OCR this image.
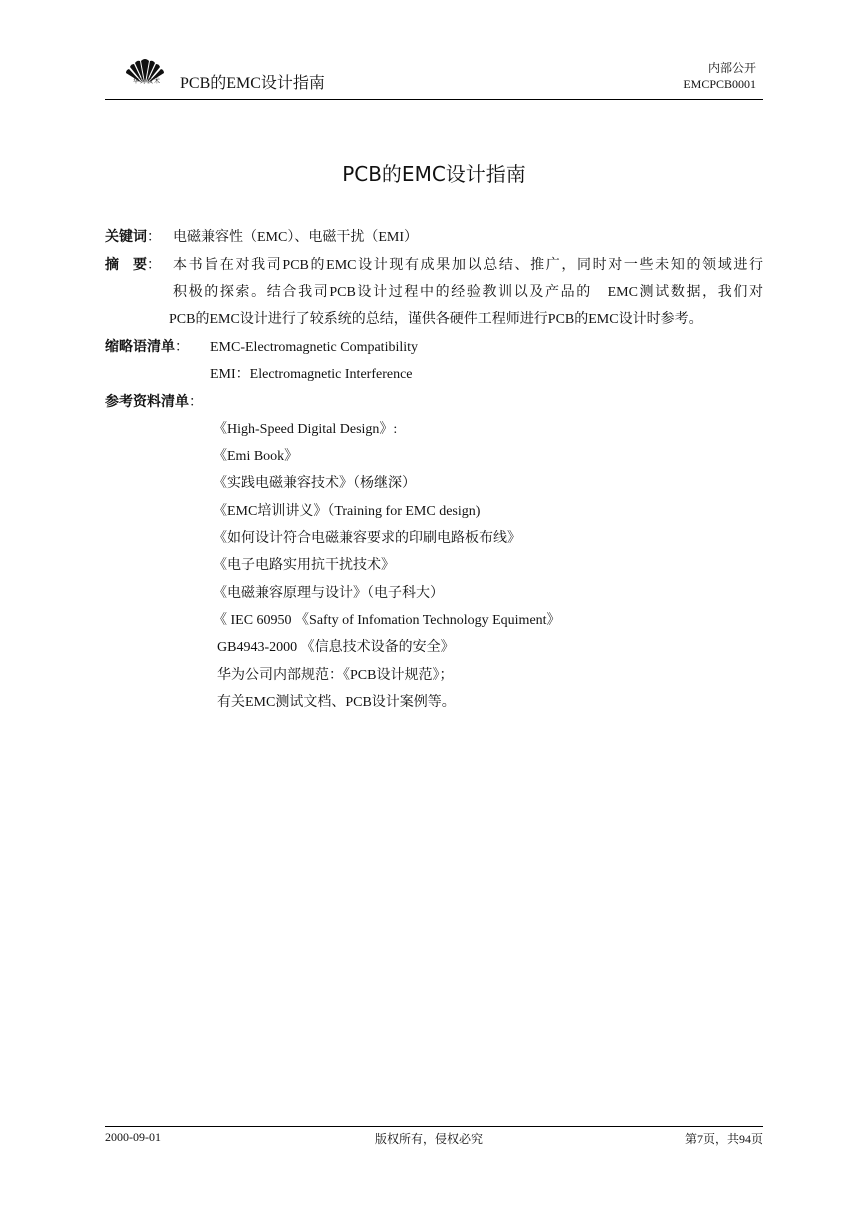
华为技术	PCB的EMC设计指南
内部公开
EMCPCB0001
PCB的EMC设计指南
关键词： 电磁兼容性（EMC）、电磁干扰（EMI）
摘　要： 本书旨在对我司PCB的EMC设计现有成果加以总结、推广，同时对一些未知的领域进行
积极的探索。结合我司PCB设计过程中的经验教训以及产品的　EMC测试数据，我们对
PCB的EMC设计进行了较系统的总结，谨供各硬件工程师进行PCB的EMC设计时参考。
缩略语清单： EMC-Electromagnetic Compatibility
EMI：Electromagnetic Interference
参考资料清单：
《High-Speed Digital Design》:
《Emi Book》
《实践电磁兼容技术》（杨继深）
《EMC培训讲义》（Training for EMC design)
《如何设计符合电磁兼容要求的印刷电路板布线》
《电子电路实用抗干扰技术》
《电磁兼容原理与设计》（电子科大）
《 IEC 60950 《Safty of Infomation Technology Equiment》
GB4943-2000 《信息技术设备的安全》
华为公司内部规范：《PCB设计规范》；
有关EMC测试文档、PCB设计案例等。
2000-09-01	版权所有，侵权必究	第7页，共94页
